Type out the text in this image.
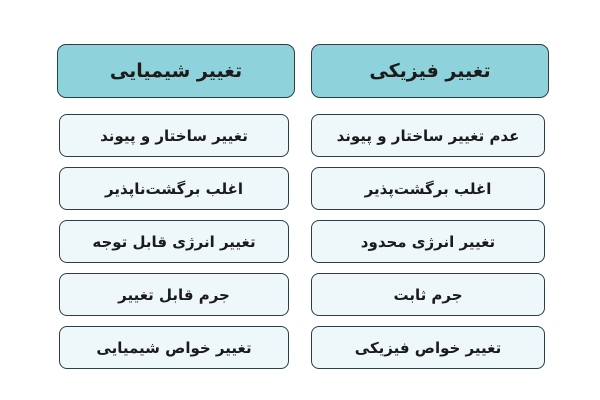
تغییر شیمیایی
تغییر ساختار و پیوند
اغلب برگشت‌ناپذیر
تغییر انرژی قابل توجه
جرم قابل تغییر
تغییر خواص شیمیایی
تغییر فیزیکی
عدم تغییر ساختار و پیوند
اغلب برگشت‌پذیر
تغییر انرژی محدود
جرم ثابت
تغییر خواص فیزیکی
